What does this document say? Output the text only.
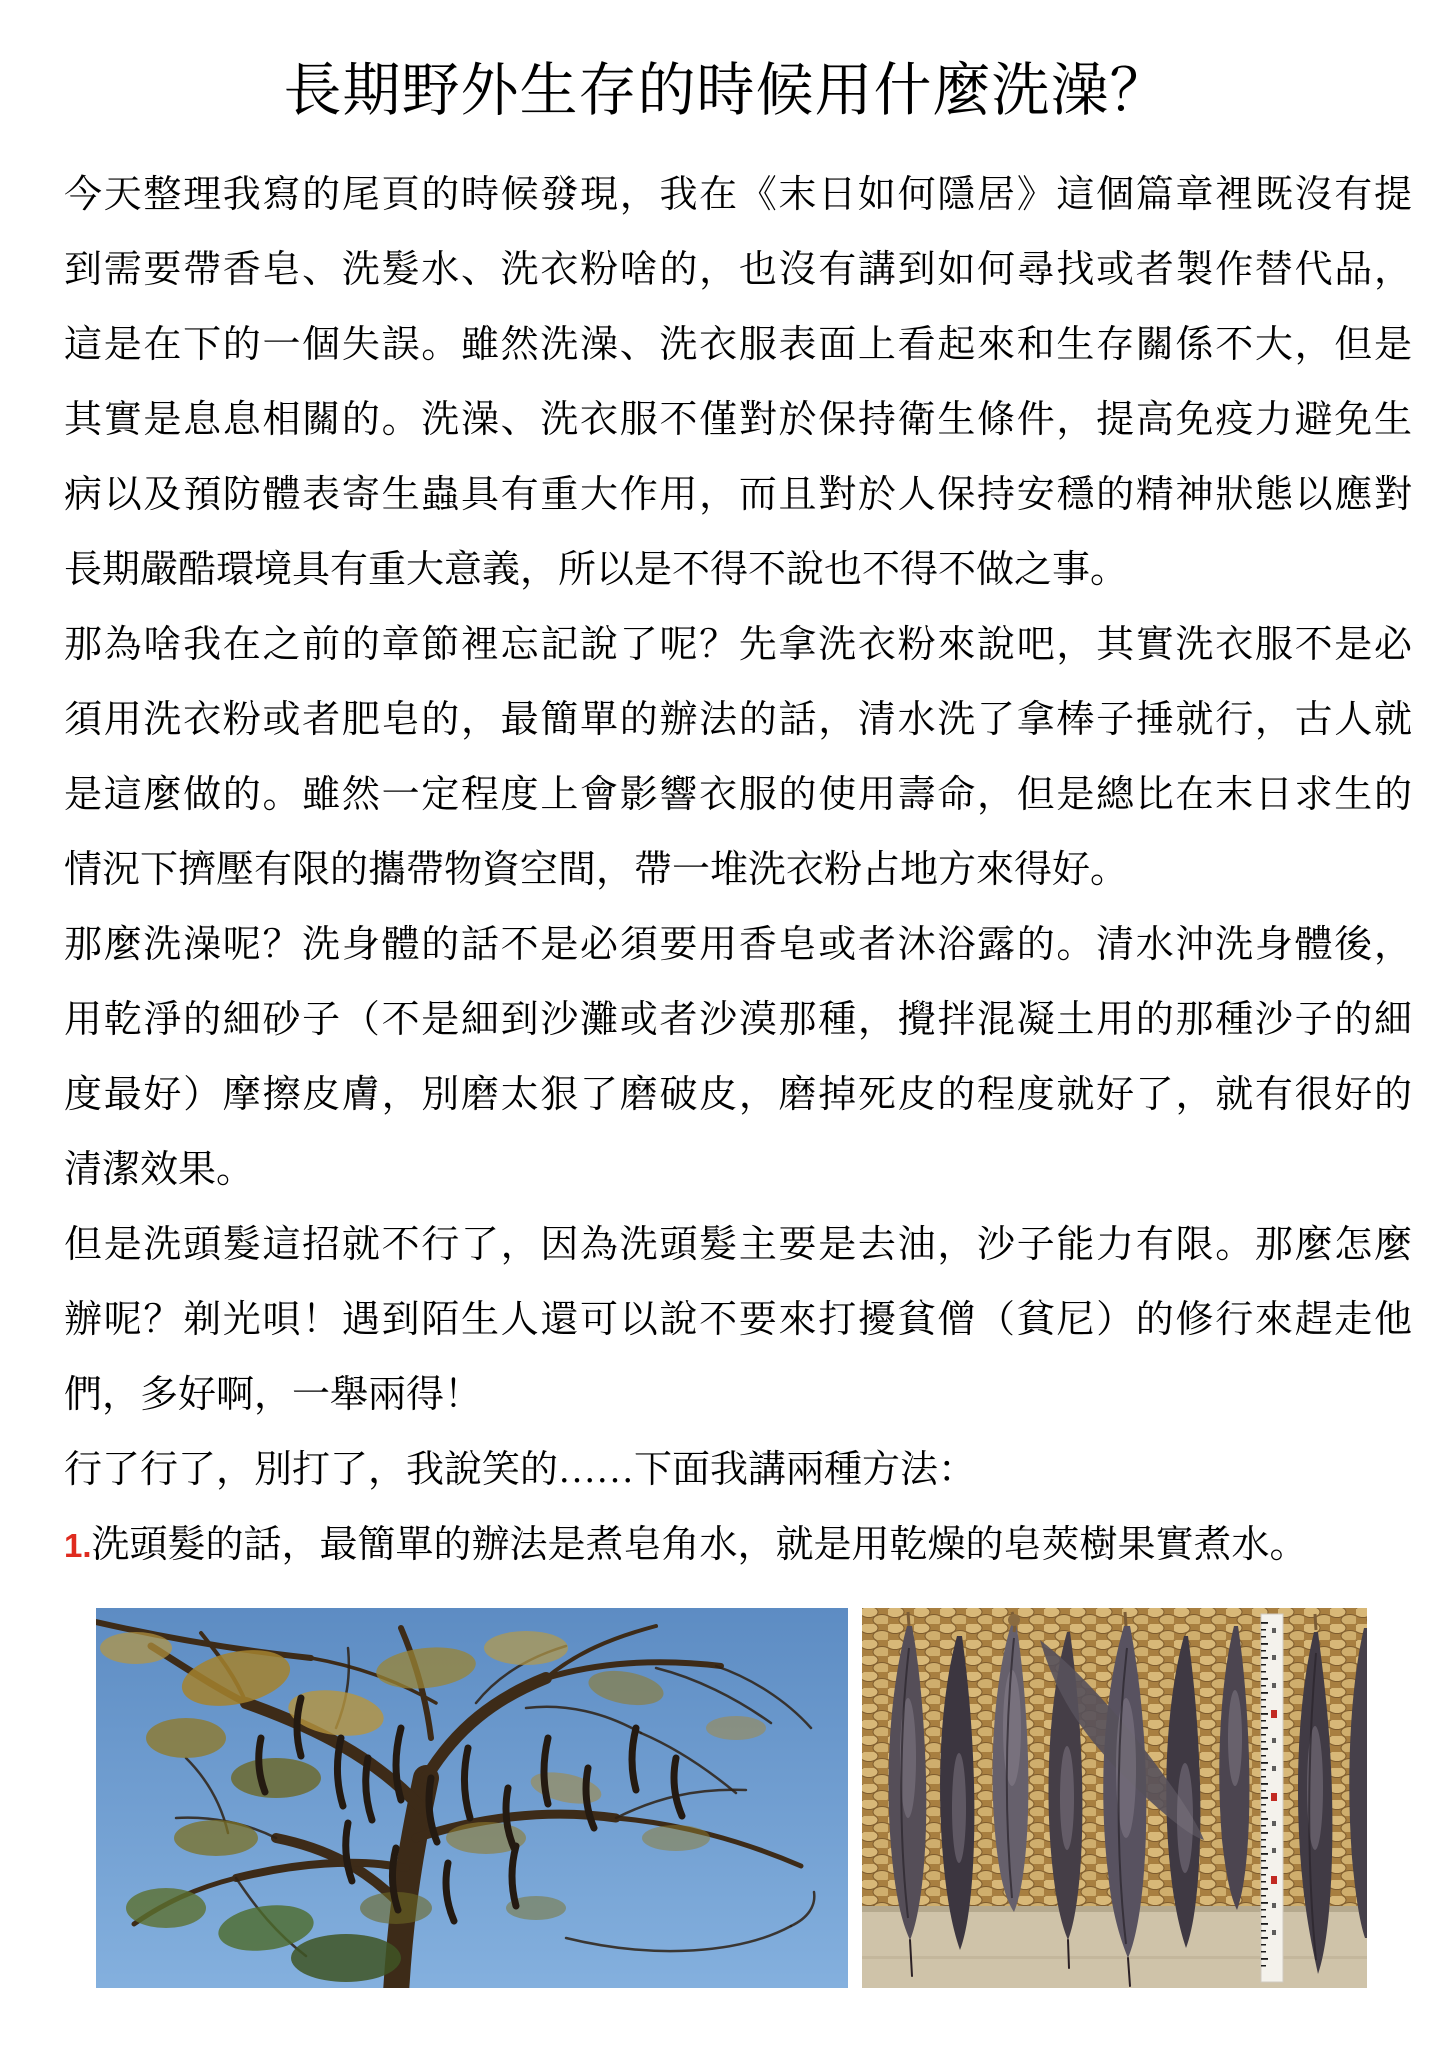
長期野外生存的時候用什麼洗澡？
今天整理我寫的尾頁的時候發現，我在《末日如何隱居》這個篇章裡既沒有提
到需要帶香皂、洗髮水、洗衣粉啥的，也沒有講到如何尋找或者製作替代品，
這是在下的一個失誤。雖然洗澡、洗衣服表面上看起來和生存關係不大，但是
其實是息息相關的。洗澡、洗衣服不僅對於保持衛生條件，提高免疫力避免生
病以及預防體表寄生蟲具有重大作用，而且對於人保持安穩的精神狀態以應對
長期嚴酷環境具有重大意義，所以是不得不說也不得不做之事。
那為啥我在之前的章節裡忘記說了呢？先拿洗衣粉來說吧，其實洗衣服不是必
須用洗衣粉或者肥皂的，最簡單的辦法的話，清水洗了拿棒子捶就行，古人就
是這麼做的。雖然一定程度上會影響衣服的使用壽命，但是總比在末日求生的
情況下擠壓有限的攜帶物資空間，帶一堆洗衣粉占地方來得好。
那麼洗澡呢？洗身體的話不是必須要用香皂或者沐浴露的。清水沖洗身體後，
用乾淨的細砂子（不是細到沙灘或者沙漠那種，攪拌混凝土用的那種沙子的細
度最好）摩擦皮膚，別磨太狠了磨破皮，磨掉死皮的程度就好了，就有很好的
清潔效果。
但是洗頭髮這招就不行了，因為洗頭髮主要是去油，沙子能力有限。那麼怎麼
辦呢？剃光唄！遇到陌生人還可以說不要來打擾貧僧（貧尼）的修行來趕走他
們，多好啊，一舉兩得！
行了行了，別打了，我說笑的……下面我講兩種方法：
1.洗頭髮的話，最簡單的辦法是煮皂角水，就是用乾燥的皂莢樹果實煮水。
